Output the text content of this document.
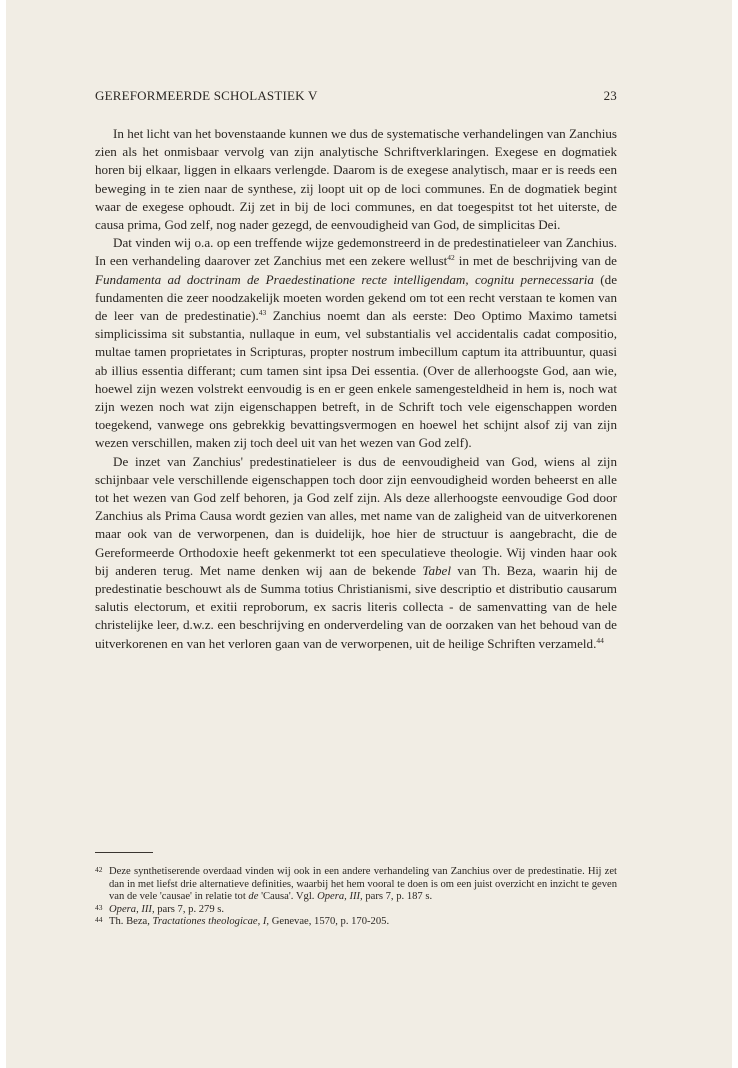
GEREFORMEERDE SCHOLASTIEK V	23

In het licht van het bovenstaande kunnen we dus de systematische verhandelingen van Zanchius zien als het onmisbaar vervolg van zijn analytische Schriftverklaringen. Exegese en dogmatiek horen bij elkaar, liggen in elkaars verlengde. Daarom is de exegese analytisch, maar er is reeds een beweging in te zien naar de synthese, zij loopt uit op de loci communes. En de dogmatiek begint waar de exegese ophoudt. Zij zet in bij de loci communes, en dat toegespitst tot het uiterste, de causa prima, God zelf, nog nader gezegd, de eenvoudigheid van God, de simplicitas Dei.

Dat vinden wij o.a. op een treffende wijze gedemonstreerd in de predestinatieleer van Zanchius. In een verhandeling daarover zet Zanchius met een zekere wellust$^{42}$ in met de beschrijving van de Fundamenta ad doctrinam de Praedestinatione recte intelligendam, cognitu pernecessaria (de fundamenten die zeer noodzakelijk moeten worden gekend om tot een recht verstaan te komen van de leer van de predestinatie).$^{43}$ Zanchius noemt dan als eerste: Deo Optimo Maximo tametsi simplicissima sit substantia, nullaque in eum, vel substantialis vel accidentalis cadat compositio, multae tamen proprietates in Scripturas, propter nostrum imbecillum captum ita attribuuntur, quasi ab illius essentia differant; cum tamen sint ipsa Dei essentia. (Over de allerhoogste God, aan wie, hoewel zijn wezen volstrekt eenvoudig is en er geen enkele samengesteldheid in hem is, noch wat zijn wezen noch wat zijn eigenschappen betreft, in de Schrift toch vele eigenschappen worden toegekend, vanwege ons gebrekkig bevattingsvermogen en hoewel het schijnt alsof zij van zijn wezen verschillen, maken zij toch deel uit van het wezen van God zelf).

De inzet van Zanchius' predestinatieleer is dus de eenvoudigheid van God, wiens al zijn schijnbaar vele verschillende eigenschappen toch door zijn eenvoudigheid worden beheerst en alle tot het wezen van God zelf behoren, ja God zelf zijn. Als deze allerhoogste eenvoudige God door Zanchius als Prima Causa wordt gezien van alles, met name van de zaligheid van de uitverkorenen maar ook van de verworpenen, dan is duidelijk, hoe hier de structuur is aangebracht, die de Gereformeerde Orthodoxie heeft gekenmerkt tot een speculatieve theologie. Wij vinden haar ook bij anderen terug. Met name denken wij aan de bekende Tabel van Th. Beza, waarin hij de predestinatie beschouwt als de Summa totius Christianismi, sive descriptio et distributio causarum salutis electorum, et exitii reproborum, ex sacris literis collecta - de samenvatting van de hele christelijke leer, d.w.z. een beschrijving en onderverdeling van de oorzaken van het behoud van de uitverkorenen en van het verloren gaan van de verworpenen, uit de heilige Schriften verzameld.$^{44}$

42 Deze synthetiserende overdaad vinden wij ook in een andere verhandeling van Zanchius over de predestinatie. Hij zet dan in met liefst drie alternatieve definities, waarbij het hem vooral te doen is om een juist overzicht en inzicht te geven van de vele 'causae' in relatie tot de 'Causa'. Vgl. Opera, III, pars 7, p. 187 s.
43 Opera, III, pars 7, p. 279 s.
44 Th. Beza, Tractationes theologicae, I, Genevae, 1570, p. 170-205.
